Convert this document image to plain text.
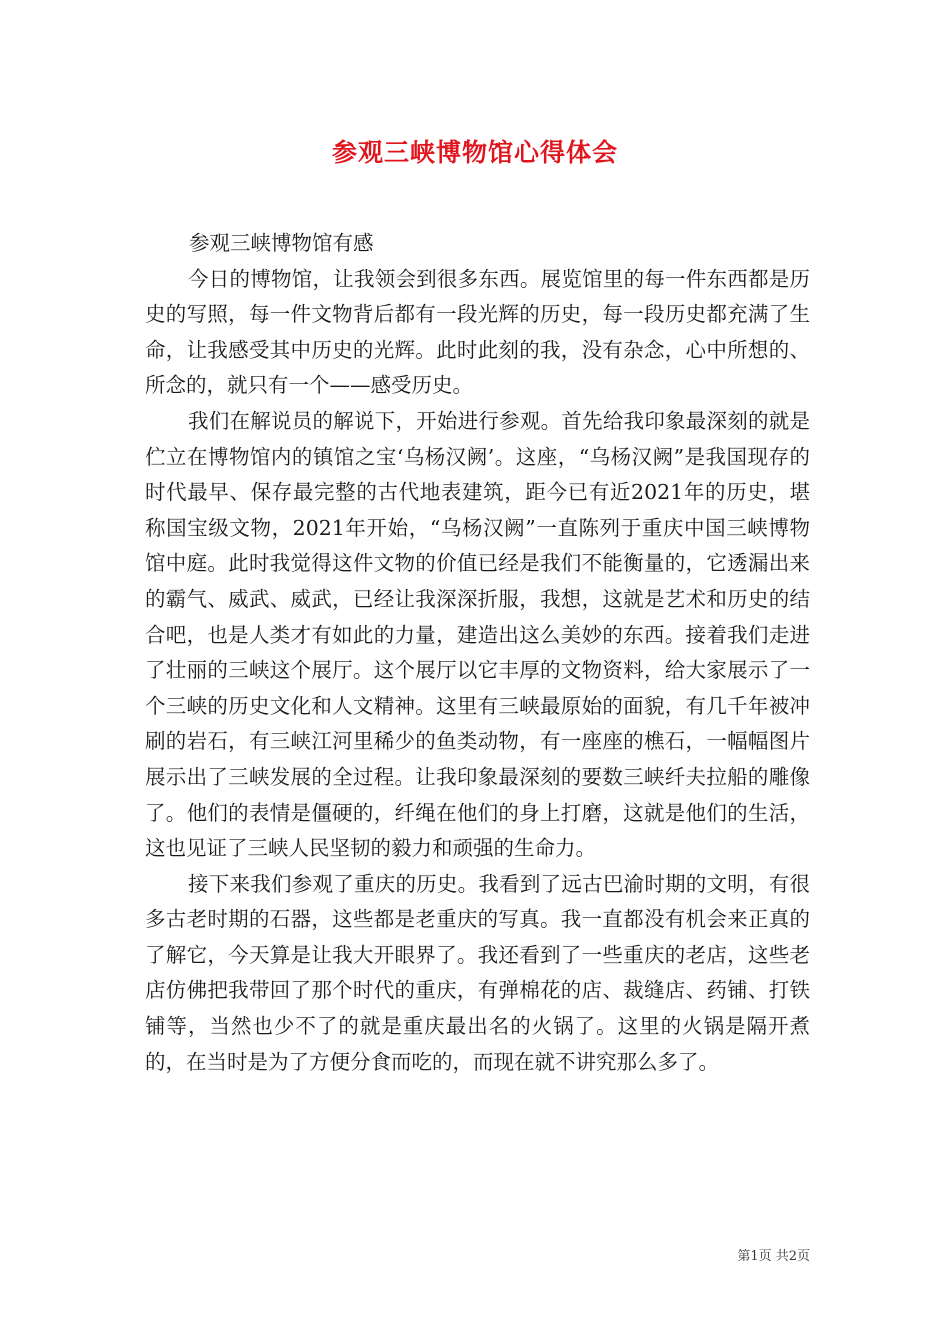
参观三峡博物馆心得体会

参观三峡博物馆有感

今日的博物馆，让我领会到很多东西。展览馆里的每一件东西都是历史的写照，每一件文物背后都有一段光辉的历史，每一段历史都充满了生命，让我感受其中历史的光辉。此时此刻的我，没有杂念，心中所想的、所念的，就只有一个——感受历史。

我们在解说员的解说下，开始进行参观。首先给我印象最深刻的就是伫立在博物馆内的镇馆之宝‘乌杨汉阙’。这座，“乌杨汉阙”是我国现存的时代最早、保存最完整的古代地表建筑，距今已有近2021年的历史，堪称国宝级文物，2021年开始，“乌杨汉阙”一直陈列于重庆中国三峡博物馆中庭。此时我觉得这件文物的价值已经是我们不能衡量的，它透漏出来的霸气、威武、威武，已经让我深深折服，我想，这就是艺术和历史的结合吧，也是人类才有如此的力量，建造出这么美妙的东西。接着我们走进了壮丽的三峡这个展厅。这个展厅以它丰厚的文物资料，给大家展示了一个三峡的历史文化和人文精神。这里有三峡最原始的面貌，有几千年被冲刷的岩石，有三峡江河里稀少的鱼类动物，有一座座的樵石，一幅幅图片展示出了三峡发展的全过程。让我印象最深刻的要数三峡纤夫拉船的雕像了。他们的表情是僵硬的，纤绳在他们的身上打磨，这就是他们的生活，这也见证了三峡人民坚韧的毅力和顽强的生命力。

接下来我们参观了重庆的历史。我看到了远古巴渝时期的文明，有很多古老时期的石器，这些都是老重庆的写真。我一直都没有机会来正真的了解它，今天算是让我大开眼界了。我还看到了一些重庆的老店，这些老店仿佛把我带回了那个时代的重庆，有弹棉花的店、裁缝店、药铺、打铁铺等，当然也少不了的就是重庆最出名的火锅了。这里的火锅是隔开煮的，在当时是为了方便分食而吃的，而现在就不讲究那么多了。

第1页 共2页
